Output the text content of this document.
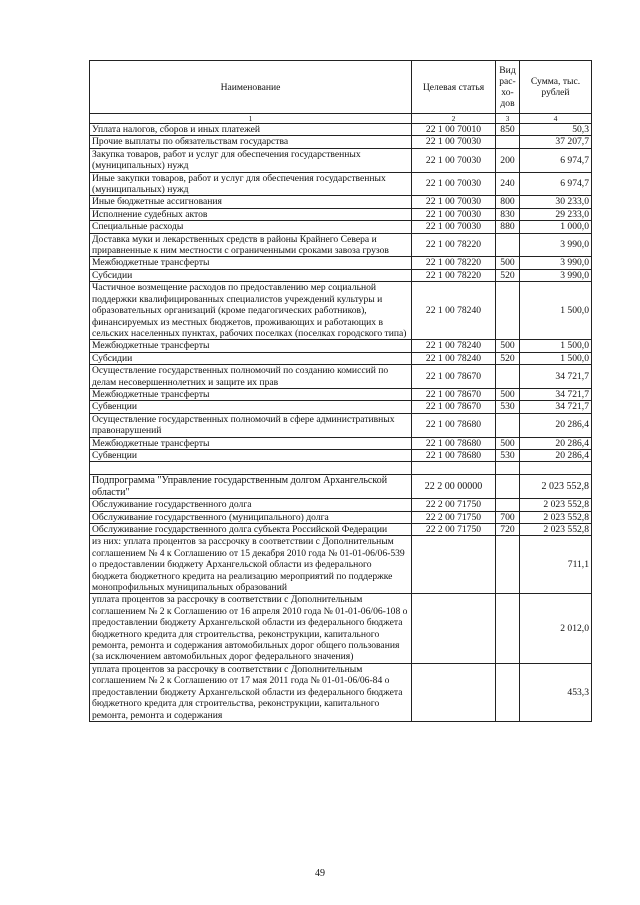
Наименование	Целевая статья	Вид рас-хо-дов	Сумма, тыс. рублей
1	2	3	4
Уплата налогов, сборов и иных платежей	22 1 00 70010	850	50,3
Прочие выплаты по обязательствам государства	22 1 00 70030		37 207,7
Закупка товаров, работ и услуг для обеспечения государственных (муниципальных) нужд	22 1 00 70030	200	6 974,7
Иные закупки товаров, работ и услуг для обеспечения государственных (муниципальных) нужд	22 1 00 70030	240	6 974,7
Иные бюджетные ассигнования	22 1 00 70030	800	30 233,0
Исполнение судебных актов	22 1 00 70030	830	29 233,0
Специальные расходы	22 1 00 70030	880	1 000,0
Доставка муки и лекарственных средств в районы Крайнего Севера и приравненные к ним местности с ограниченными сроками завоза грузов	22 1 00 78220		3 990,0
Межбюджетные трансферты	22 1 00 78220	500	3 990,0
Субсидии	22 1 00 78220	520	3 990,0
Частичное возмещение расходов по предоставлению мер социальной поддержки квалифицированных специалистов учреждений культуры и образовательных организаций (кроме педагогических работников), финансируемых из местных бюджетов, проживающих и работающих в сельских населенных пунктах, рабочих поселках (поселках городского типа)	22 1 00 78240		1 500,0
Межбюджетные трансферты	22 1 00 78240	500	1 500,0
Субсидии	22 1 00 78240	520	1 500,0
Осуществление государственных полномочий по созданию комиссий по делам несовершеннолетних и защите их прав	22 1 00 78670		34 721,7
Межбюджетные трансферты	22 1 00 78670	500	34 721,7
Субвенции	22 1 00 78670	530	34 721,7
Осуществление государственных полномочий в сфере административных правонарушений	22 1 00 78680		20 286,4
Межбюджетные трансферты	22 1 00 78680	500	20 286,4
Субвенции	22 1 00 78680	530	20 286,4

Подпрограмма "Управление государственным долгом Архангельской области"	22 2 00 00000		2 023 552,8
Обслуживание государственного долга	22 2 00 71750		2 023 552,8
Обслуживание государственного (муниципального) долга	22 2 00 71750	700	2 023 552,8
Обслуживание государственного долга субъекта Российской Федерации	22 2 00 71750	720	2 023 552,8
из них: уплата процентов за рассрочку в соответствии с Дополнительным соглашением № 4 к Соглашению от 15 декабря 2010 года № 01-01-06/06-539 о предоставлении бюджету Архангельской области из федерального бюджета бюджетного кредита на реализацию мероприятий по поддержке монопрофильных муниципальных образований			711,1
уплата процентов за рассрочку в соответствии с Дополнительным соглашением № 2 к Соглашению от 16 апреля 2010 года № 01-01-06/06-108 о предоставлении бюджету Архангельской области из федерального бюджета бюджетного кредита для строительства, реконструкции, капитального ремонта, ремонта и содержания автомобильных дорог общего пользования (за исключением автомобильных дорог федерального значения)			2 012,0
уплата процентов за рассрочку в соответствии с Дополнительным соглашением № 2 к Соглашению от 17 мая 2011 года № 01-01-06/06-84 о предоставлении бюджету Архангельской области из федерального бюджета бюджетного кредита для строительства, реконструкции, капитального ремонта, ремонта и содержания			453,3
49
